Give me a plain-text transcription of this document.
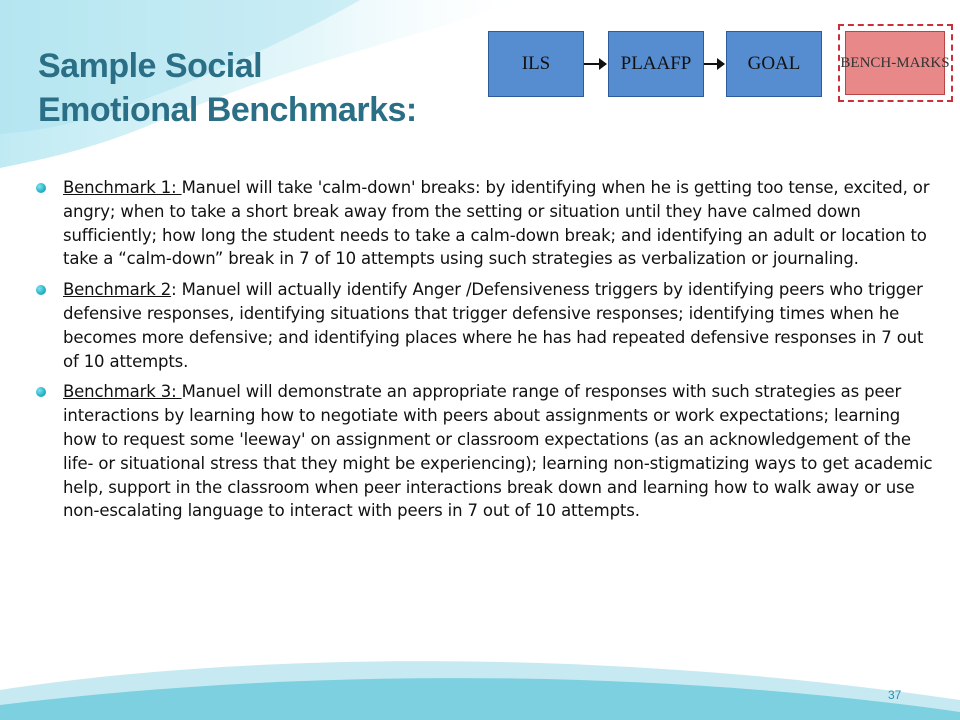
Sample Social
Emotional Benchmarks:
ILS	PLAAFP	GOAL	BENCH- MARKS
Benchmark 1: Manuel will take 'calm-down' breaks: by identifying when he is getting too tense, excited, or angry; when to take a short break away from the setting or situation until they have calmed down sufficiently; how long the student needs to take a calm-down break; and identifying an adult or location to take a “calm-down” break in 7 of 10 attempts using such strategies as verbalization or journaling.
Benchmark 2: Manuel will actually identify Anger /Defensiveness triggers by identifying peers who trigger defensive responses, identifying situations that trigger defensive responses; identifying times when he becomes more defensive; and identifying places where he has had repeated defensive responses in 7 out of 10 attempts.
Benchmark 3: Manuel will demonstrate an appropriate range of responses with such strategies as peer interactions by learning how to negotiate with peers about assignments or work expectations; learning how to request some 'leeway' on assignment or classroom expectations (as an acknowledgement of the life- or situational stress that they might be experiencing); learning non-stigmatizing ways to get academic help, support in the classroom when peer interactions break down and learning how to walk away or use non-escalating language to interact with peers in 7 out of 10 attempts.
37
